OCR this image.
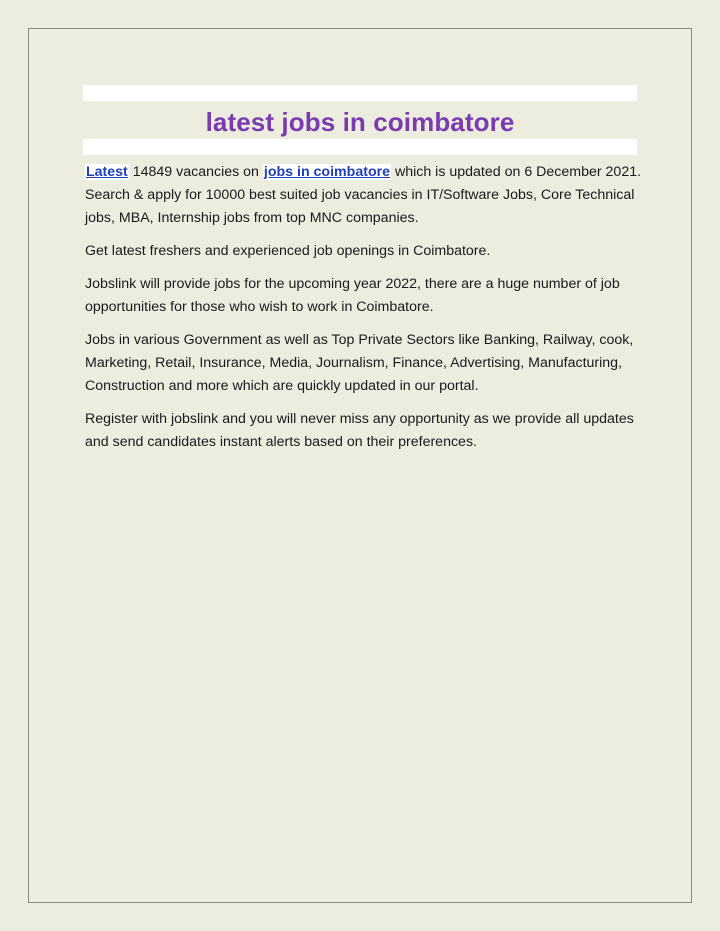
latest jobs in coimbatore

Latest 14849 vacancies on jobs in coimbatore which is updated on 6 December 2021. Search & apply for 10000 best suited job vacancies in IT/Software Jobs, Core Technical jobs, MBA, Internship jobs from top MNC companies.

Get latest freshers and experienced job openings in Coimbatore.

Jobslink will provide jobs for the upcoming year 2022, there are a huge number of job opportunities for those who wish to work in Coimbatore.

Jobs in various Government as well as Top Private Sectors like Banking, Railway, cook, Marketing, Retail, Insurance, Media, Journalism, Finance, Advertising, Manufacturing, Construction and more which are quickly updated in our portal.

Register with jobslink and you will never miss any opportunity as we provide all updates and send candidates instant alerts based on their preferences.
